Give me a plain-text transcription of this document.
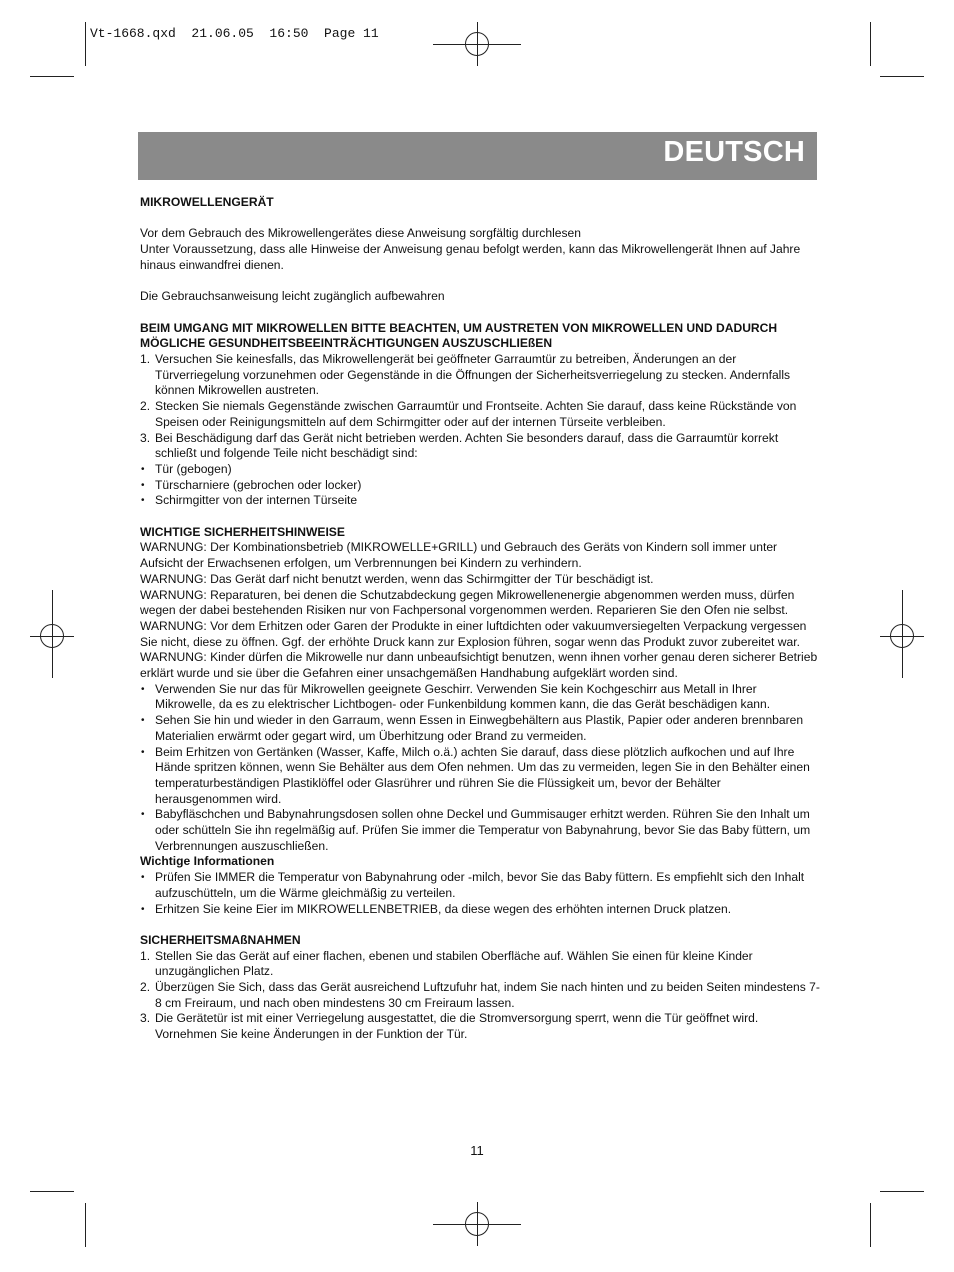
Vt-1668.qxd  21.06.05  16:50  Page 11
DEUTSCH

MIKROWELLENGERÄT

Vor dem Gebrauch des Mikrowellengerätes diese Anweisung sorgfältig durchlesen

Unter Voraussetzung, dass alle Hinweise der Anweisung genau befolgt werden, kann das Mikrowellengerät Ihnen auf Jahre hinaus einwandfrei dienen.

Die Gebrauchsanweisung leicht zugänglich aufbewahren

BEIM UMGANG MIT MIKROWELLEN BITTE BEACHTEN, UM AUSTRETEN VON MIKROWELLEN UND DADURCH MÖGLICHE GESUNDHEITSBEEINTRÄCHTIGUNGEN AUSZUSCHLIEßEN

1. Versuchen Sie keinesfalls, das Mikrowellengerät bei geöffneter Garraumtür zu betreiben, Änderungen an der Türverriegelung vorzunehmen oder Gegenstände in die Öffnungen der Sicherheitsverriegelung zu stecken. Andernfalls können Mikrowellen austreten.
2. Stecken Sie niemals Gegenstände zwischen Garraumtür und Frontseite. Achten Sie darauf, dass keine Rückstände von Speisen oder Reinigungsmitteln auf dem Schirmgitter oder auf der internen Türseite verbleiben.
3. Bei Beschädigung darf das Gerät nicht betrieben werden. Achten Sie besonders darauf, dass die Garraumtür korrekt schließt und folgende Teile nicht beschädigt sind:
• Tür (gebogen)
• Türscharniere (gebrochen oder locker)
• Schirmgitter von der internen Türseite

WICHTIGE SICHERHEITSHINWEISE

WARNUNG: Der Kombinationsbetrieb (MIKROWELLE+GRILL) und Gebrauch des Geräts von Kindern soll immer unter Aufsicht der Erwachsenen erfolgen, um Verbrennungen bei Kindern zu verhindern.

WARNUNG: Das Gerät darf nicht benutzt werden, wenn das Schirmgitter der Tür beschädigt ist.

WARNUNG: Reparaturen, bei denen die Schutzabdeckung gegen Mikrowellenenergie abgenommen werden muss, dürfen wegen der dabei bestehenden Risiken nur von Fachpersonal vorgenommen werden. Reparieren Sie den Ofen nie selbst.

WARNUNG: Vor dem Erhitzen oder Garen der Produkte in einer luftdichten oder vakuumversiegelten Verpackung vergessen Sie nicht, diese zu öffnen. Ggf. der erhöhte Druck kann zur Explosion führen, sogar wenn das Produkt zuvor zubereitet war.

WARNUNG: Kinder dürfen die Mikrowelle nur dann unbeaufsichtigt benutzen, wenn ihnen vorher genau deren sicherer Betrieb erklärt wurde und sie über die Gefahren einer unsachgemäßen Handhabung aufgeklärt worden sind.

• Verwenden Sie nur das für Mikrowellen geeignete Geschirr. Verwenden Sie kein Kochgeschirr aus Metall in Ihrer Mikrowelle, da es zu elektrischer Lichtbogen- oder Funkenbildung kommen kann, die das Gerät beschädigen kann.
• Sehen Sie hin und wieder in den Garraum, wenn Essen in Einwegbehältern aus Plastik, Papier oder anderen brennbaren Materialien erwärmt oder gegart wird, um Überhitzung oder Brand zu vermeiden.
• Beim Erhitzen von Gertänken (Wasser, Kaffe, Milch o.ä.) achten Sie darauf, dass diese plötzlich aufkochen und auf Ihre Hände spritzen können, wenn Sie Behälter aus dem Ofen nehmen. Um das zu vermeiden, legen Sie in den Behälter einen temperaturbeständigen Plastiklöffel oder Glasrührer und rühren Sie die Flüssigkeit um, bevor der Behälter herausgenommen wird.
• Babyfläschchen und Babynahrungsdosen sollen ohne Deckel und Gummisauger erhitzt werden. Rühren Sie den Inhalt um oder schütteln Sie ihn regelmäßig auf. Prüfen Sie immer die Temperatur von Babynahrung, bevor Sie das Baby füttern, um Verbrennungen auszuschließen.

Wichtige Informationen

• Prüfen Sie IMMER die Temperatur von Babynahrung oder -milch, bevor Sie das Baby füttern. Es empfiehlt sich den Inhalt aufzuschütteln, um die Wärme gleichmäßig zu verteilen.
• Erhitzen Sie keine Eier im MIKROWELLENBETRIEB, da diese wegen des erhöhten internen Druck platzen.

SICHERHEITSMAßNAHMEN

1. Stellen Sie das Gerät auf einer flachen, ebenen und stabilen Oberfläche auf. Wählen Sie einen für kleine Kinder unzugänglichen Platz.
2. Überzügen Sie Sich, dass das Gerät ausreichend Luftzufuhr hat, indem Sie nach hinten und zu beiden Seiten mindestens 7-8 cm Freiraum, und nach oben mindestens 30 cm Freiraum lassen.
3. Die Gerätetür ist mit einer Verriegelung ausgestattet, die die Stromversorgung sperrt, wenn die Tür geöffnet wird. Vornehmen Sie keine Änderungen in der Funktion der Tür.
11
